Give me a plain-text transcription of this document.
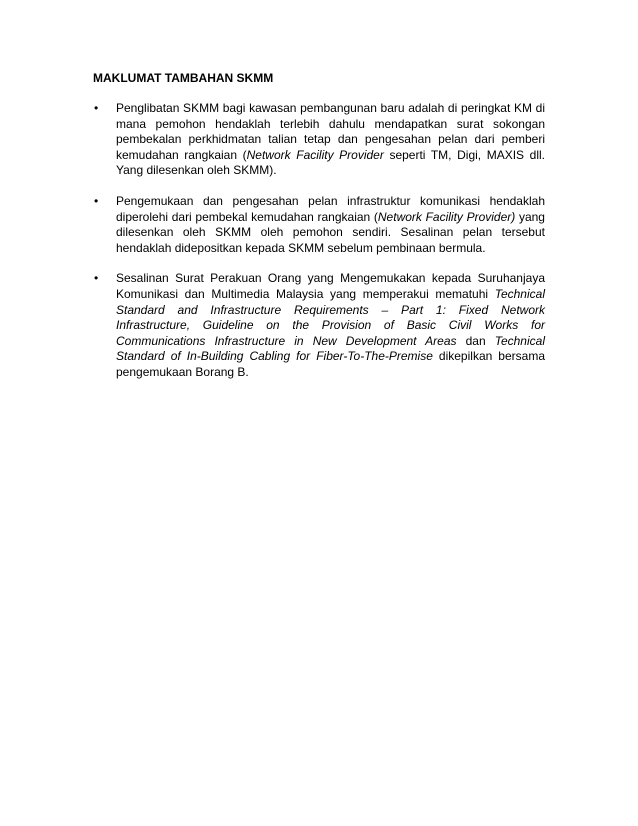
MAKLUMAT TAMBAHAN SKMM
• Penglibatan SKMM bagi kawasan pembangunan baru adalah di peringkat KM di mana pemohon hendaklah terlebih dahulu mendapatkan surat sokongan pembekalan perkhidmatan talian tetap dan pengesahan pelan dari pemberi kemudahan rangkaian (Network Facility Provider seperti TM, Digi, MAXIS dll. Yang dilesenkan oleh SKMM).
• Pengemukaan dan pengesahan pelan infrastruktur komunikasi hendaklah diperolehi dari pembekal kemudahan rangkaian (Network Facility Provider) yang dilesenkan oleh SKMM oleh pemohon sendiri. Sesalinan pelan tersebut hendaklah didepositkan kepada SKMM sebelum pembinaan bermula.
• Sesalinan Surat Perakuan Orang yang Mengemukakan kepada Suruhanjaya Komunikasi dan Multimedia Malaysia yang memperakui mematuhi Technical Standard and Infrastructure Requirements – Part 1: Fixed Network Infrastructure, Guideline on the Provision of Basic Civil Works for Communications Infrastructure in New Development Areas dan Technical Standard of In-Building Cabling for Fiber-To-The-Premise dikepilkan bersama pengemukaan Borang B.
